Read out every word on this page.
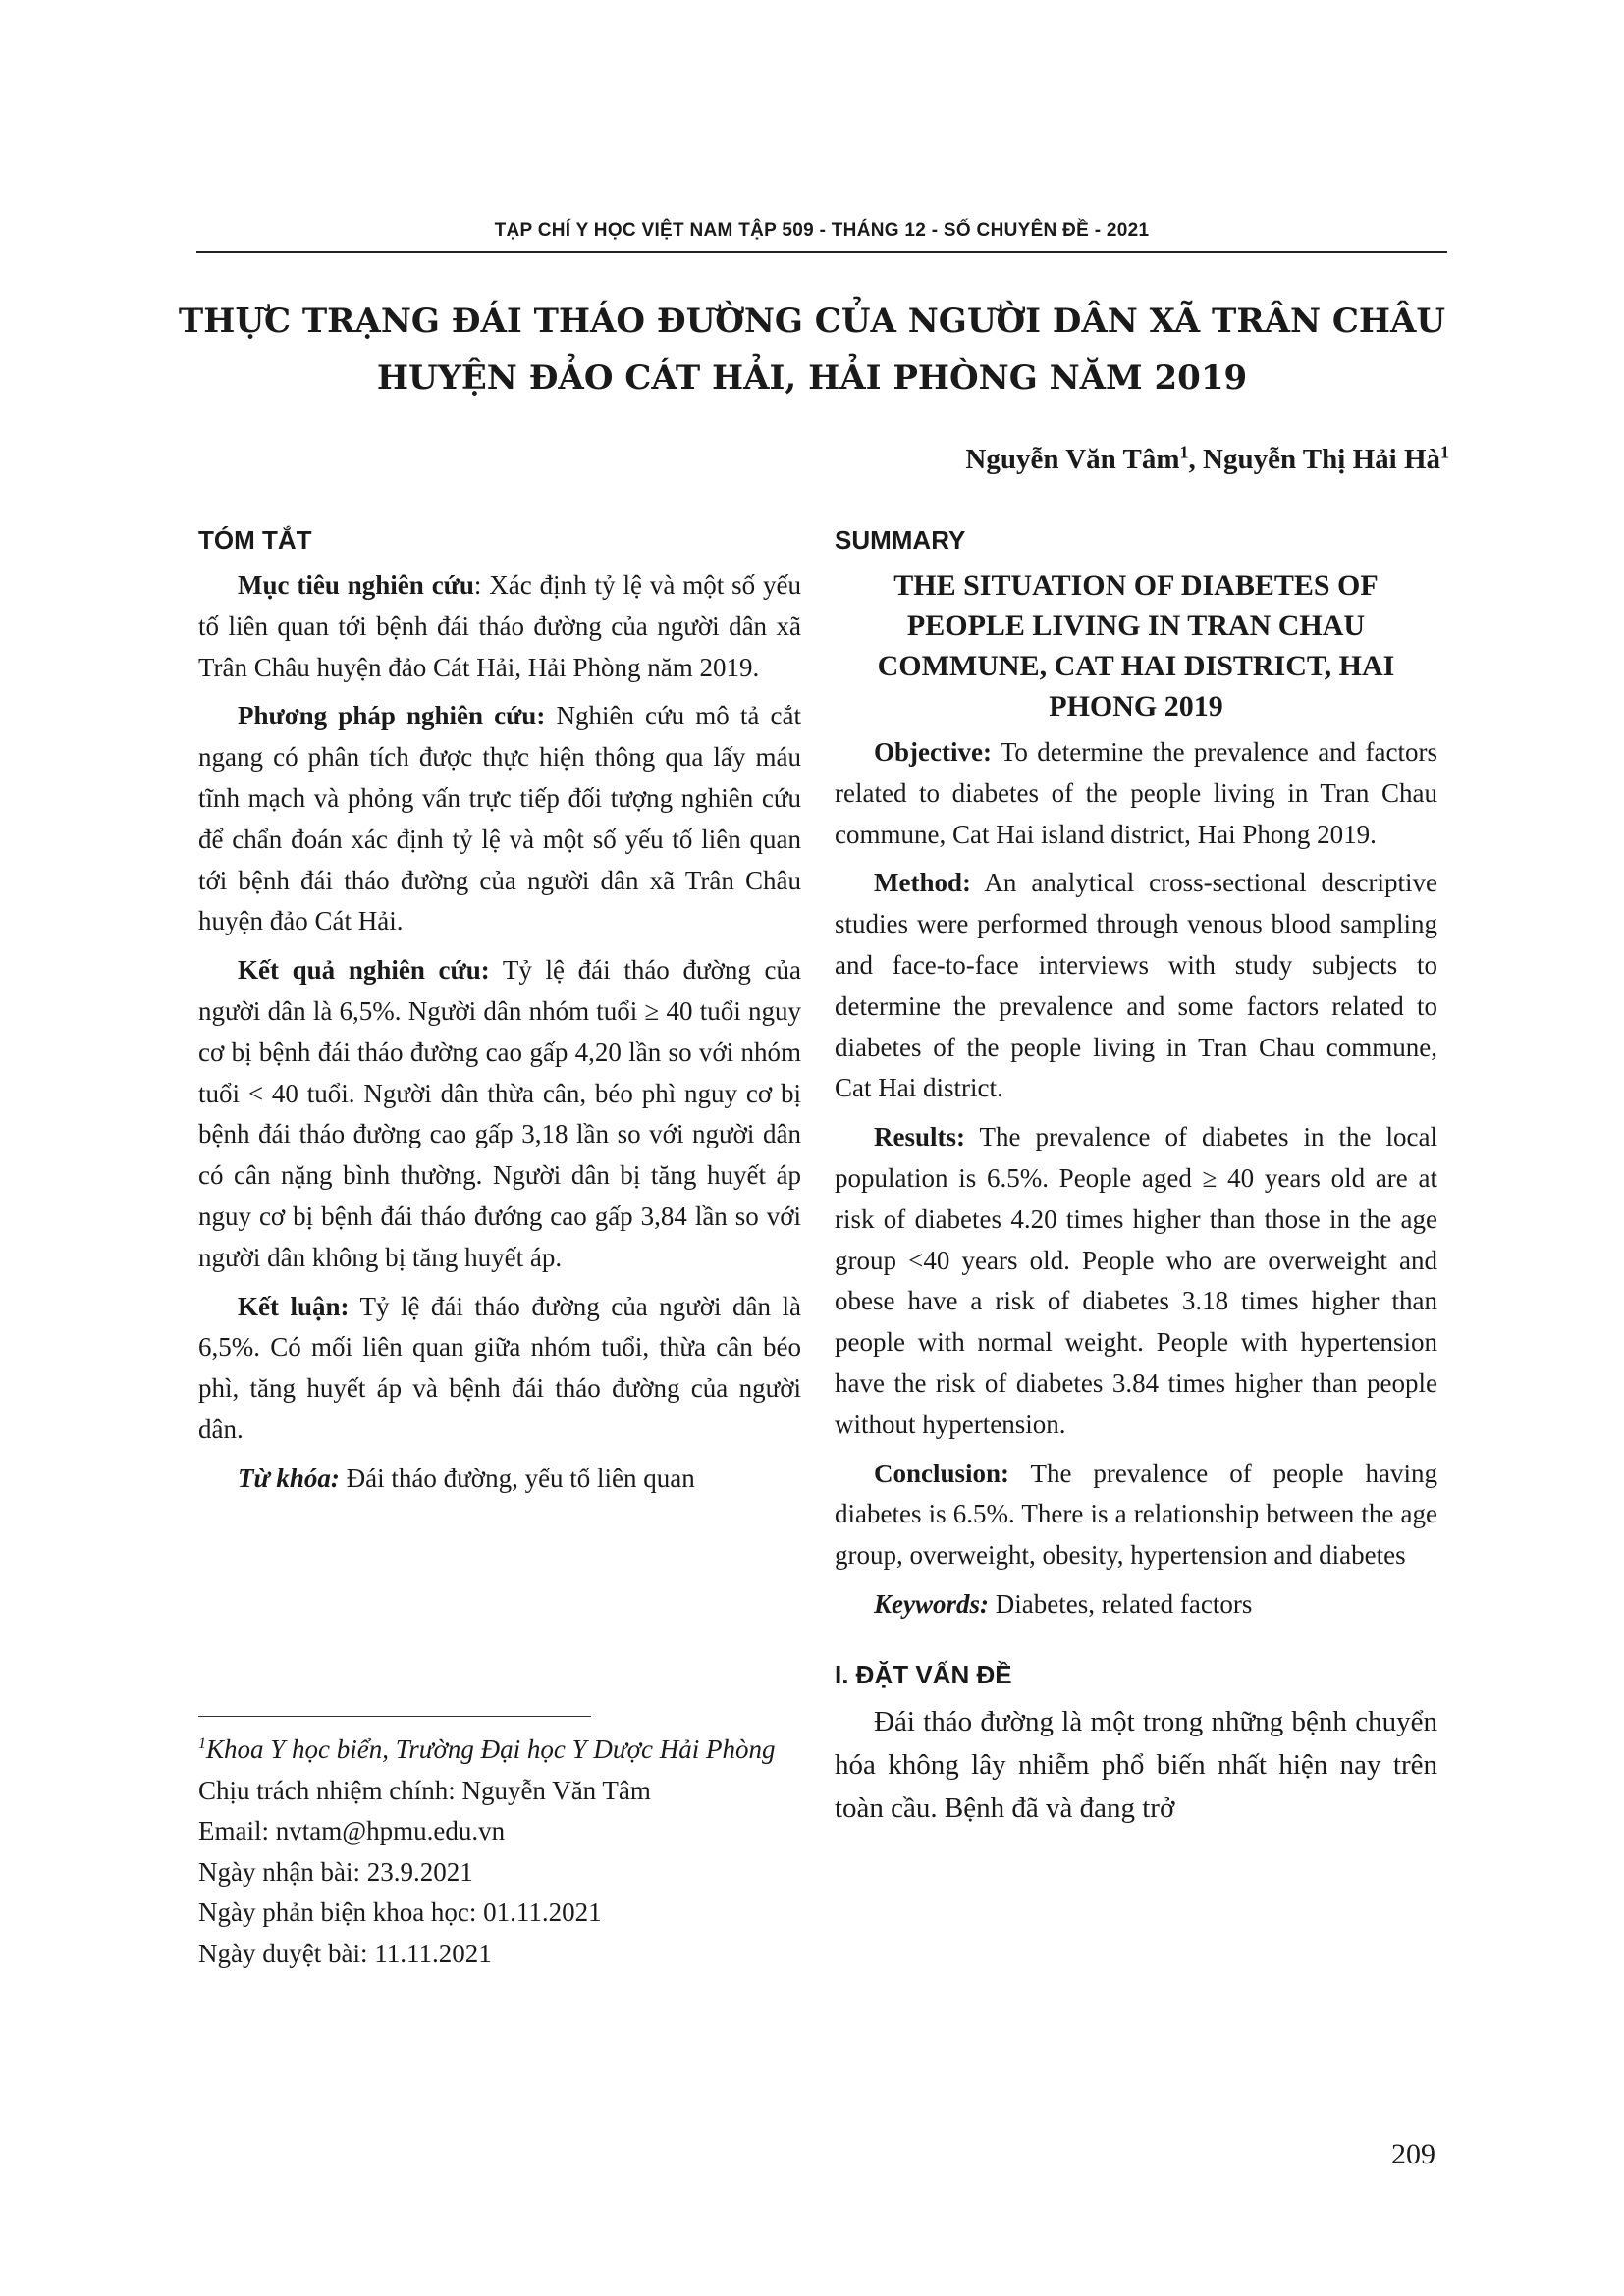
TẠP CHÍ Y HỌC VIỆT NAM TẬP 509 - THÁNG 12 - SỐ CHUYÊN ĐỀ - 2021
THỰC TRẠNG ĐÁI THÁO ĐƯỜNG CỦA NGƯỜI DÂN XÃ TRÂN CHÂU
HUYỆN ĐẢO CÁT HẢI, HẢI PHÒNG NĂM 2019
Nguyễn Văn Tâm$^1$, Nguyễn Thị Hải $Hà^1$
TÓM TẮT

Mục tiêu nghiên cứu: Xác định tỷ lệ và một số yếu tố liên quan tới bệnh đái tháo đường của người dân xã Trân Châu huyện đảo Cát Hải, Hải Phòng năm 2019.

Phương pháp nghiên cứu: Nghiên cứu mô tả cắt ngang có phân tích được thực hiện thông qua lấy máu tĩnh mạch và phỏng vấn trực tiếp đối tượng nghiên cứu để chẩn đoán xác định tỷ lệ và một số yếu tố liên quan tới bệnh đái tháo đường của người dân xã Trân Châu huyện đảo Cát Hải.

Kết quả nghiên cứu: Tỷ lệ đái tháo đường của người dân là 6,5%. Người dân nhóm tuổi ≥ 40 tuổi nguy cơ bị bệnh đái tháo đường cao gấp 4,20 lần so với nhóm tuổi < 40 tuổi. Người dân thừa cân, béo phì nguy cơ bị bệnh đái tháo đường cao gấp 3,18 lần so với người dân có cân nặng bình thường. Người dân bị tăng huyết áp nguy cơ bị bệnh đái tháo đướng cao gấp 3,84 lần so với người dân không bị tăng huyết áp.

Kết luận: Tỷ lệ đái tháo đường của người dân là 6,5%. Có mối liên quan giữa nhóm tuổi, thừa cân béo phì, tăng huyết áp và bệnh đái tháo đường của người dân.

Từ khóa: Đái tháo đường, yếu tố liên quan

$^1$Khoa Y học biển, Trường Đại học Y Dược Hải Phòng
Chịu trách nhiệm chính: Nguyễn Văn Tâm
Email: nvtam@hpmu.edu.vn
Ngày nhận bài: 23.9.2021
Ngày phản biện khoa học: 01.11.2021
Ngày duyệt bài: 11.11.2021
SUMMARY
THE SITUATION OF DIABETES OF PEOPLE LIVING IN TRAN CHAU COMMUNE, CAT HAI DISTRICT, HAI PHONG 2019

Objective: To determine the prevalence and factors related to diabetes of the people living in Tran Chau commune, Cat Hai island district, Hai Phong 2019.

Method: An analytical cross-sectional descriptive studies were performed through venous blood sampling and face-to-face interviews with study subjects to determine the prevalence and some factors related to diabetes of the people living in Tran Chau commune, Cat Hai district.

Results: The prevalence of diabetes in the local population is 6.5%. People aged ≥ 40 years old are at risk of diabetes 4.20 times higher than those in the age group <40 years old. People who are overweight and obese have a risk of diabetes 3.18 times higher than people with normal weight. People with hypertension have the risk of diabetes 3.84 times higher than people without hypertension.

Conclusion: The prevalence of people having diabetes is 6.5%. There is a relationship between the age group, overweight, obesity, hypertension and diabetes

Keywords: Diabetes, related factors

I. ĐẶT VẤN ĐỀ

Đái tháo đường là một trong những bệnh chuyển hóa không lây nhiễm phổ biến nhất hiện nay trên toàn cầu. Bệnh đã và đang trở

209
